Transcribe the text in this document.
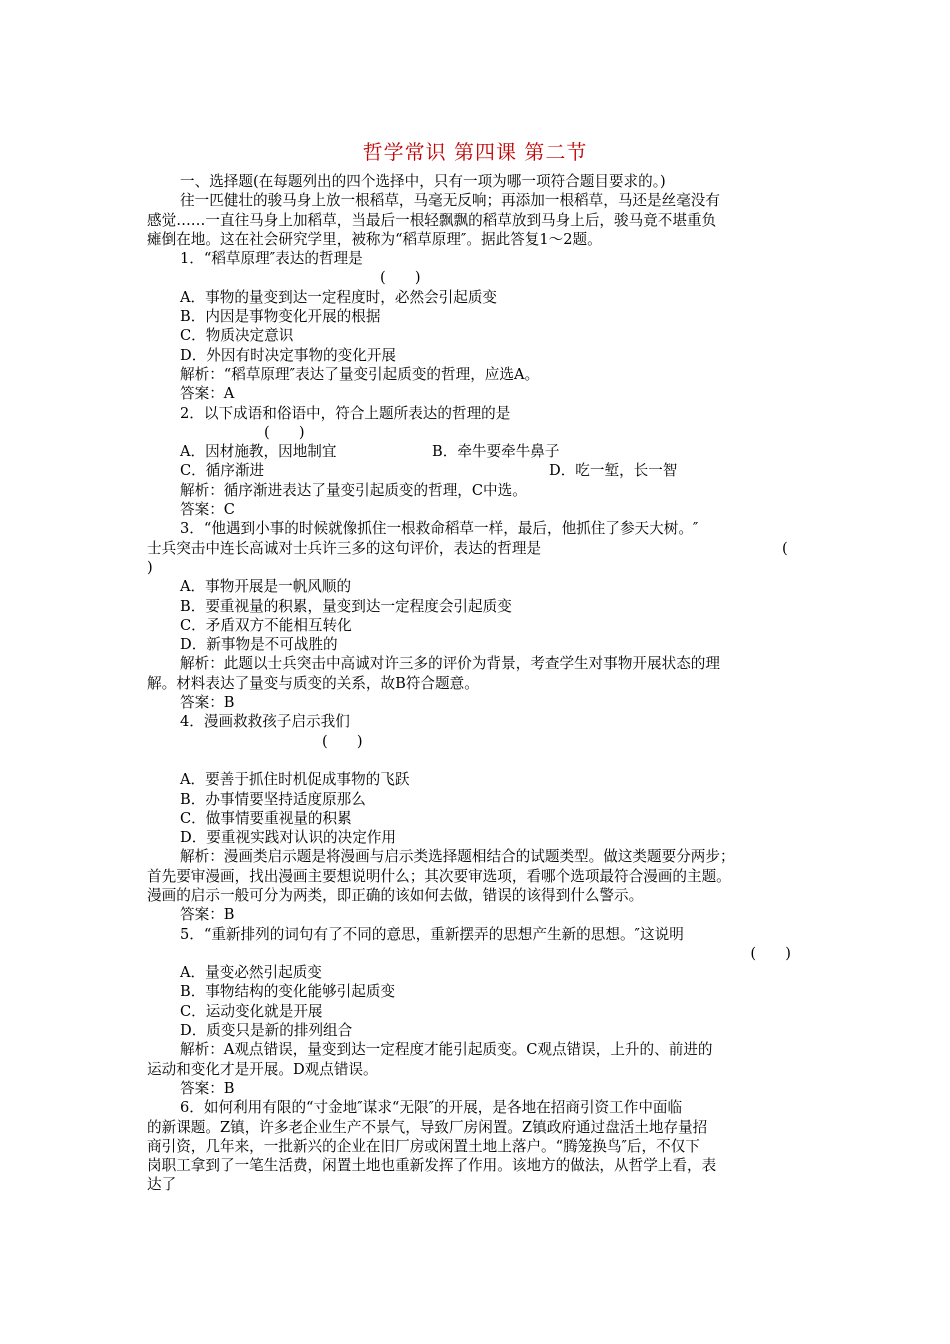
哲学常识 第四课 第二节
一、选择题(在每题列出的四个选择中，只有一项为哪一项符合题目要求的。)
往一匹健壮的骏马身上放一根稻草，马毫无反响；再添加一根稻草，马还是丝毫没有
感觉……一直往马身上加稻草，当最后一根轻飘飘的稻草放到马身上后，骏马竟不堪重负
瘫倒在地。这在社会研究学里，被称为“稻草原理″。据此答复1～2题。
1．“稻草原理″表达的哲理是
(　　)
A．事物的量变到达一定程度时，必然会引起质变
B．内因是事物变化开展的根据
C．物质决定意识
D．外因有时决定事物的变化开展
解析：“稻草原理″表达了量变引起质变的哲理，应选A。
答案：A
2．以下成语和俗语中，符合上题所表达的哲理的是
(　　)
A．因材施教，因地制宜	B．牵牛要牵牛鼻子
C．循序渐进	D．吃一堑，长一智
解析：循序渐进表达了量变引起质变的哲理，C中选。
答案：C
3．“他遇到小事的时候就像抓住一根救命稻草一样，最后，他抓住了参天大树。″
士兵突击中连长高诚对士兵许三多的这句评价，表达的哲理是	(
)
A．事物开展是一帆风顺的
B．要重视量的积累，量变到达一定程度会引起质变
C．矛盾双方不能相互转化
D．新事物是不可战胜的
解析：此题以士兵突击中高诚对许三多的评价为背景，考查学生对事物开展状态的理
解。材料表达了量变与质变的关系，故B符合题意。
答案：B
4．漫画救救孩子启示我们
(　　)
A．要善于抓住时机促成事物的飞跃
B．办事情要坚持适度原那么
C．做事情要重视量的积累
D．要重视实践对认识的决定作用
解析：漫画类启示题是将漫画与启示类选择题相结合的试题类型。做这类题要分两步；
首先要审漫画，找出漫画主要想说明什么；其次要审选项，看哪个选项最符合漫画的主题。
漫画的启示一般可分为两类，即正确的该如何去做，错误的该得到什么警示。
答案：B
5．“重新排列的词句有了不同的意思，重新摆弄的思想产生新的思想。″这说明
(　　)
A．量变必然引起质变
B．事物结构的变化能够引起质变
C．运动变化就是开展
D．质变只是新的排列组合
解析：A观点错误，量变到达一定程度才能引起质变。C观点错误，上升的、前进的
运动和变化才是开展。D观点错误。
答案：B
6．如何利用有限的“寸金地″谋求“无限″的开展，是各地在招商引资工作中面临
的新课题。Z镇，许多老企业生产不景气，导致厂房闲置。Z镇政府通过盘活土地存量招
商引资，几年来，一批新兴的企业在旧厂房或闲置土地上落户。“腾笼换鸟″后，不仅下
岗职工拿到了一笔生活费，闲置土地也重新发挥了作用。该地方的做法，从哲学上看，表
达了
